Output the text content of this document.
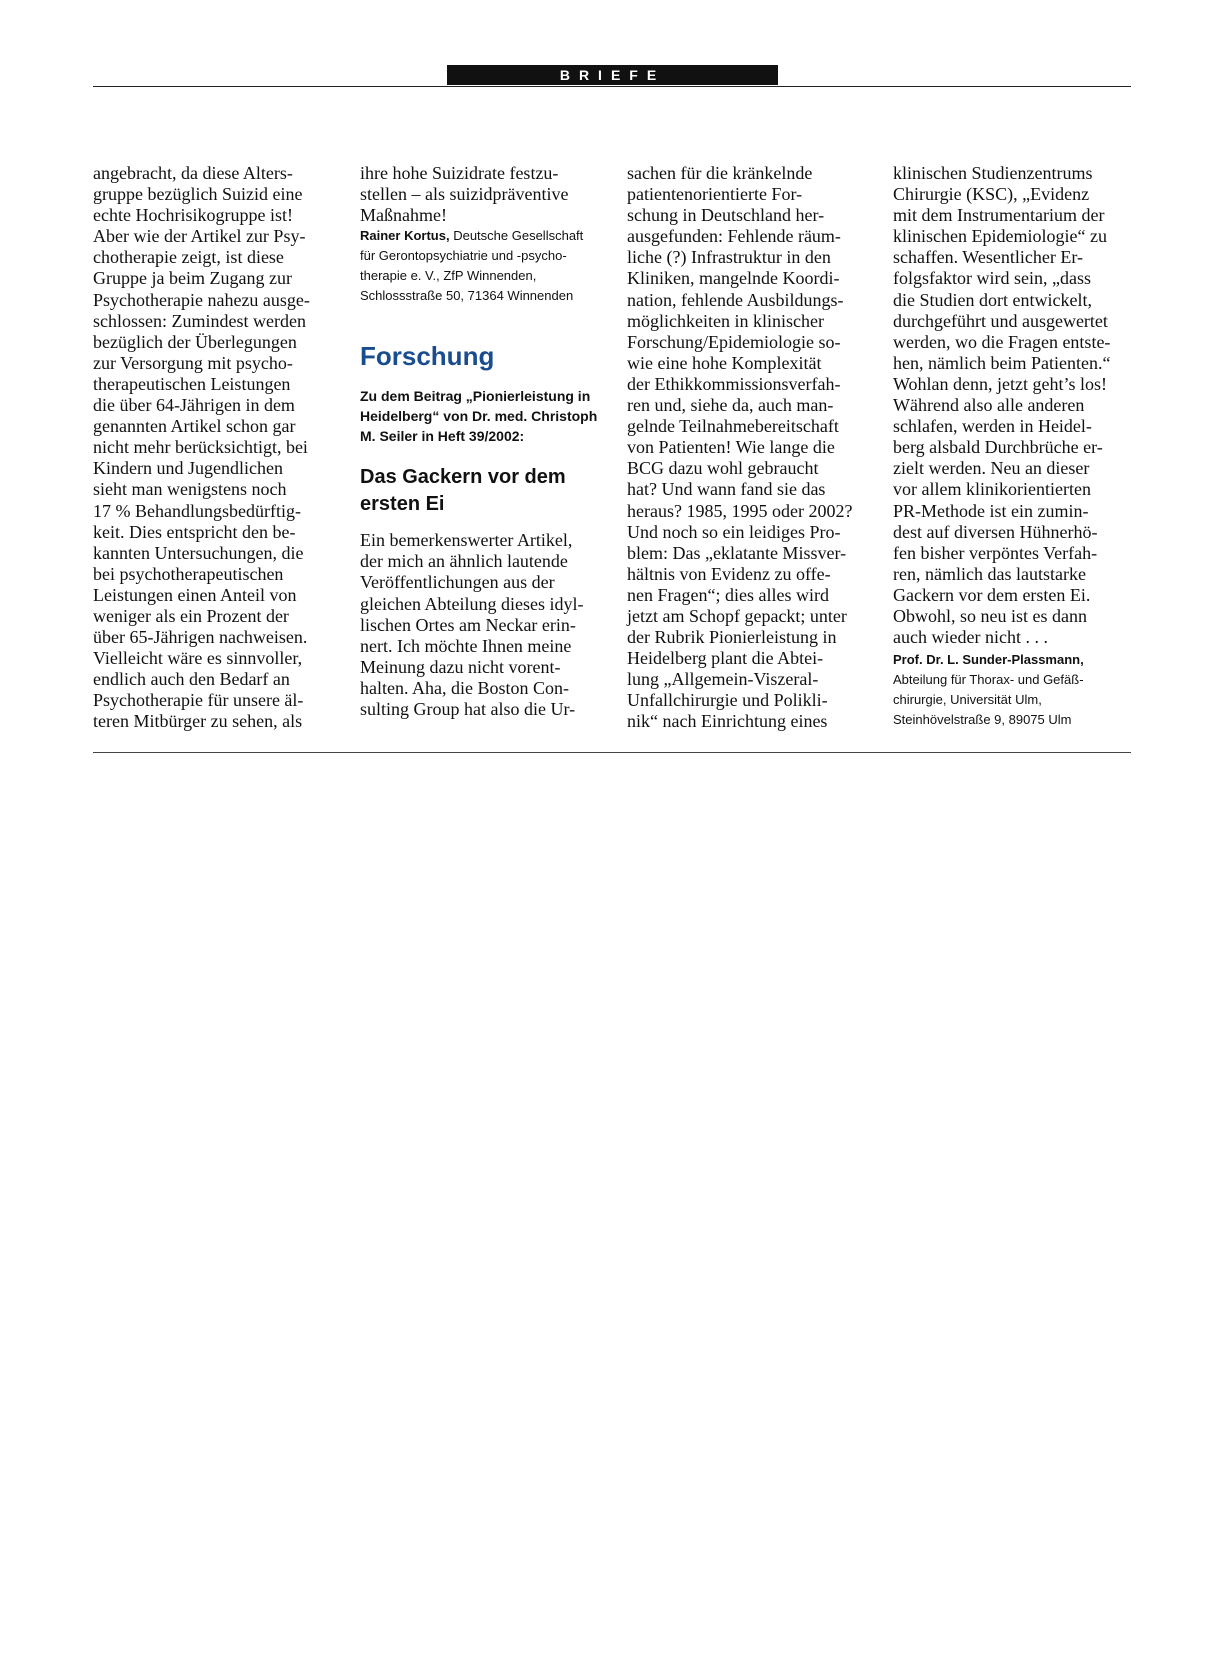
BRIEFE
angebracht, da diese Alters-
gruppe bezüglich Suizid eine
echte Hochrisikogruppe ist!
Aber wie der Artikel zur Psy-
chotherapie zeigt, ist diese
Gruppe ja beim Zugang zur
Psychotherapie nahezu ausge-
schlossen: Zumindest werden
bezüglich der Überlegungen
zur Versorgung mit psycho-
therapeutischen Leistungen
die über 64-Jährigen in dem
genannten Artikel schon gar
nicht mehr berücksichtigt, bei
Kindern und Jugendlichen
sieht man wenigstens noch
17 % Behandlungsbedürftig-
keit. Dies entspricht den be-
kannten Untersuchungen, die
bei psychotherapeutischen
Leistungen einen Anteil von
weniger als ein Prozent der
über 65-Jährigen nachweisen.
Vielleicht wäre es sinnvoller,
endlich auch den Bedarf an
Psychotherapie für unsere äl-
teren Mitbürger zu sehen, als
ihre hohe Suizidrate festzu-
stellen – als suizidpräventive
Maßnahme!
Rainer Kortus, Deutsche Gesellschaft
für Gerontopsychiatrie und -psycho-
therapie e. V., ZfP Winnenden,
Schlossstraße 50, 71364 Winnenden
Forschung
Zu dem Beitrag „Pionierleistung in
Heidelberg“ von Dr. med. Christoph
M. Seiler in Heft 39/2002:
Das Gackern vor dem
ersten Ei
Ein bemerkenswerter Artikel,
der mich an ähnlich lautende
Veröffentlichungen aus der
gleichen Abteilung dieses idyl-
lischen Ortes am Neckar erin-
nert. Ich möchte Ihnen meine
Meinung dazu nicht vorent-
halten. Aha, die Boston Con-
sulting Group hat also die Ur-
sachen für die kränkelnde
patientenorientierte For-
schung in Deutschland her-
ausgefunden: Fehlende räum-
liche (?) Infrastruktur in den
Kliniken, mangelnde Koordi-
nation, fehlende Ausbildungs-
möglichkeiten in klinischer
Forschung/Epidemiologie so-
wie eine hohe Komplexität
der Ethikkommissionsverfah-
ren und, siehe da, auch man-
gelnde Teilnahmebereitschaft
von Patienten! Wie lange die
BCG dazu wohl gebraucht
hat? Und wann fand sie das
heraus? 1985, 1995 oder 2002?
Und noch so ein leidiges Pro-
blem: Das „eklatante Missver-
hältnis von Evidenz zu offe-
nen Fragen“; dies alles wird
jetzt am Schopf gepackt; unter
der Rubrik Pionierleistung in
Heidelberg plant die Abtei-
lung „Allgemein-Viszeral-
Unfallchirurgie und Polikli-
nik“ nach Einrichtung eines
klinischen Studienzentrums
Chirurgie (KSC), „Evidenz
mit dem Instrumentarium der
klinischen Epidemiologie“ zu
schaffen. Wesentlicher Er-
folgsfaktor wird sein, „dass
die Studien dort entwickelt,
durchgeführt und ausgewertet
werden, wo die Fragen entste-
hen, nämlich beim Patienten.“
Wohlan denn, jetzt geht’s los!
Während also alle anderen
schlafen, werden in Heidel-
berg alsbald Durchbrüche er-
zielt werden. Neu an dieser
vor allem klinikorientierten
PR-Methode ist ein zumin-
dest auf diversen Hühnerhö-
fen bisher verpöntes Verfah-
ren, nämlich das lautstarke
Gackern vor dem ersten Ei.
Obwohl, so neu ist es dann
auch wieder nicht . . .
Prof. Dr. L. Sunder-Plassmann,
Abteilung für Thorax- und Gefäß-
chirurgie, Universität Ulm,
Steinhövelstraße 9, 89075 Ulm
